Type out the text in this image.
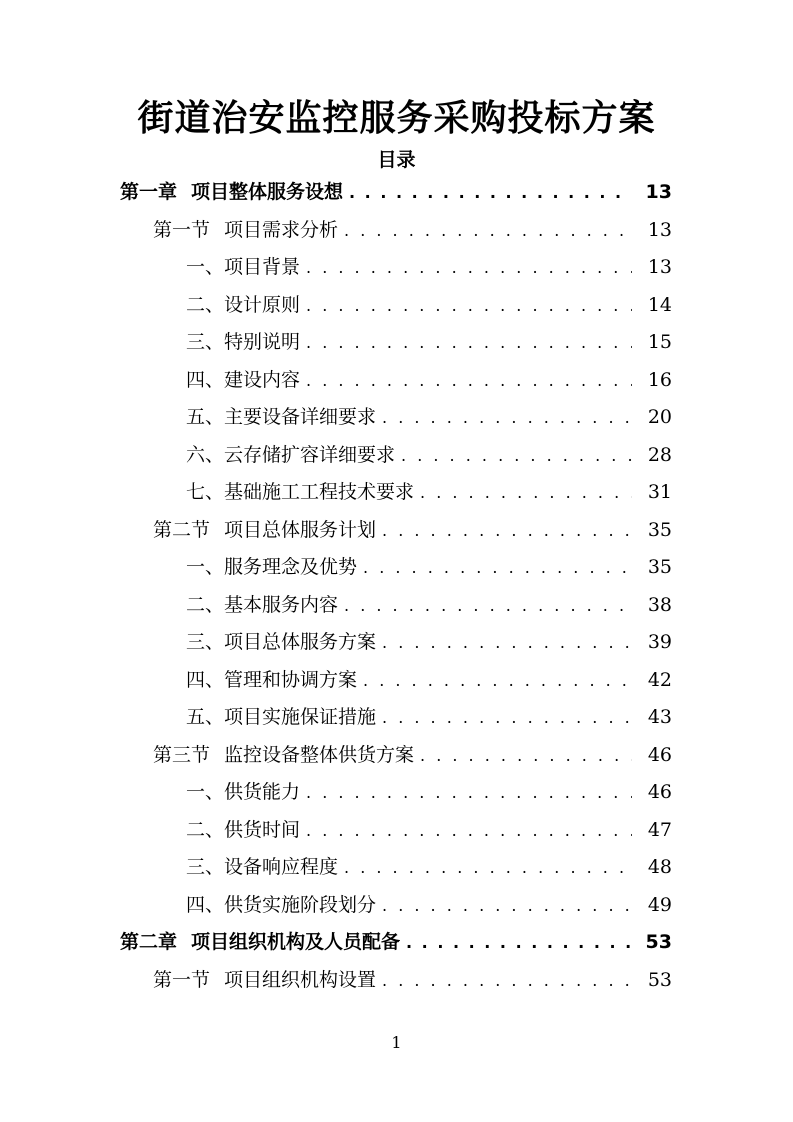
街道治安监控服务采购投标方案
目录
第一章 项目整体服务设想 . . .	13
第一节 项目需求分析 . . .	13
一、 项目背景 . . .	13
二、 设计原则 . . .	14
三、 特别说明 . . .	15
四、 建设内容 . . .	16
五、 主要设备详细要求 . . .	20
六、 云存储扩容详细要求 . . .	28
七、 基础施工工程技术要求 . . .	31
第二节 项目总体服务计划 . . .	35
一、 服务理念及优势 . . .	35
二、 基本服务内容 . . .	38
三、 项目总体服务方案 . . .	39
四、 管理和协调方案 . . .	42
五、 项目实施保证措施 . . .	43
第三节 监控设备整体供货方案 . . .	46
一、 供货能力 . . .	46
二、 供货时间 . . .	47
三、 设备响应程度 . . .	48
四、 供货实施阶段划分 . . .	49
第二章 项目组织机构及人员配备 . . .	53
第一节 项目组织机构设置 . . .	53
1
